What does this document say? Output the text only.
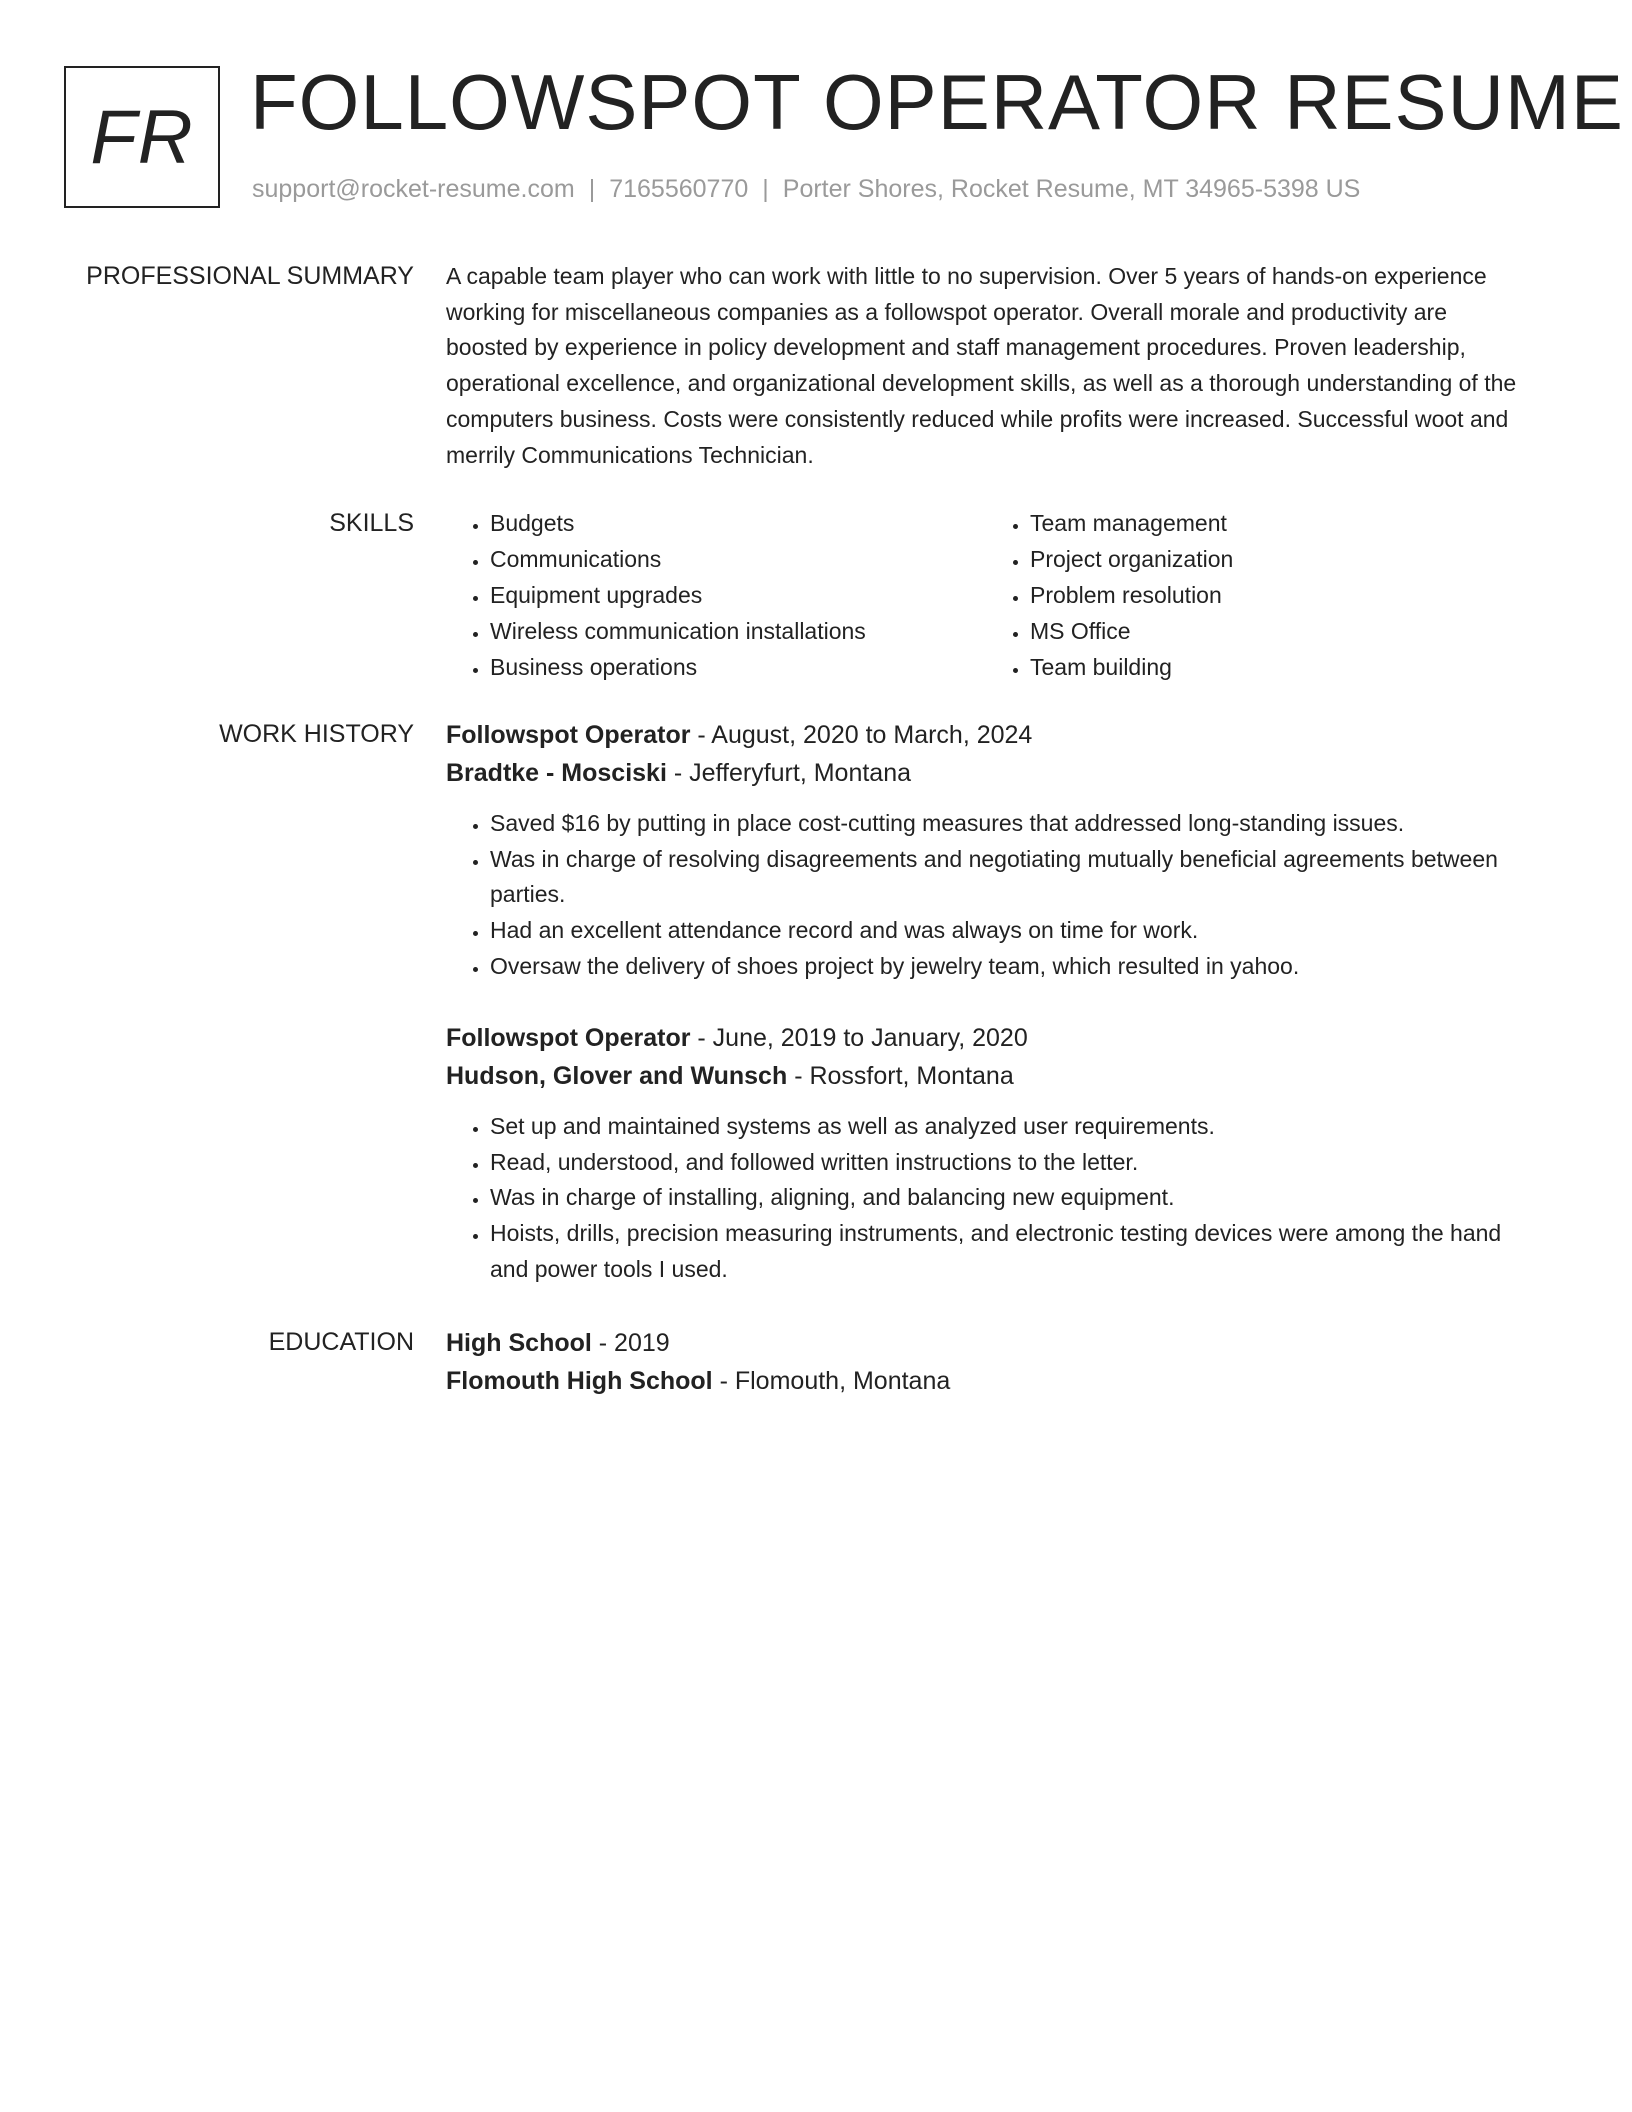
FR FOLLOWSPOT OPERATOR RESUME
support@rocket-resume.com | 7165560770 | Porter Shores, Rocket Resume, MT 34965-5398 US
PROFESSIONAL SUMMARY A capable team player who can work with little to no supervision. Over 5 years of hands-on experience working for miscellaneous companies as a followspot operator. Overall morale and productivity are boosted by experience in policy development and staff management procedures. Proven leadership, operational excellence, and organizational development skills, as well as a thorough understanding of the computers business. Costs were consistently reduced while profits were increased. Successful woot and merrily Communications Technician.

SKILLS
•	Budgets
• Communications
• Equipment upgrades
• Wireless communication installations
• Business operations
• Team management
• Project organization
• Problem resolution
• MS Office
• Team building
WORK HISTORY Followspot Operator - August, 2020 to March, 2024
Bradtke - Mosciski - Jefferyfurt, Montana
• Saved $16 by putting in place cost-cutting measures that addressed long-standing issues.
• Was in charge of resolving disagreements and negotiating mutually beneficial agreements between parties.
• Had an excellent attendance record and was always on time for work.
• Oversaw the delivery of shoes project by jewelry team, which resulted in yahoo.
Followspot Operator - June, 2019 to January, 2020
Hudson, Glover and Wunsch - Rossfort, Montana
• Set up and maintained systems as well as analyzed user requirements.
• Read, understood, and followed written instructions to the letter.
• Was in charge of installing, aligning, and balancing new equipment.
• Hoists, drills, precision measuring instruments, and electronic testing devices were among the hand and power tools I used.
EDUCATION High School - 2019
Flomouth High School - Flomouth, Montana
